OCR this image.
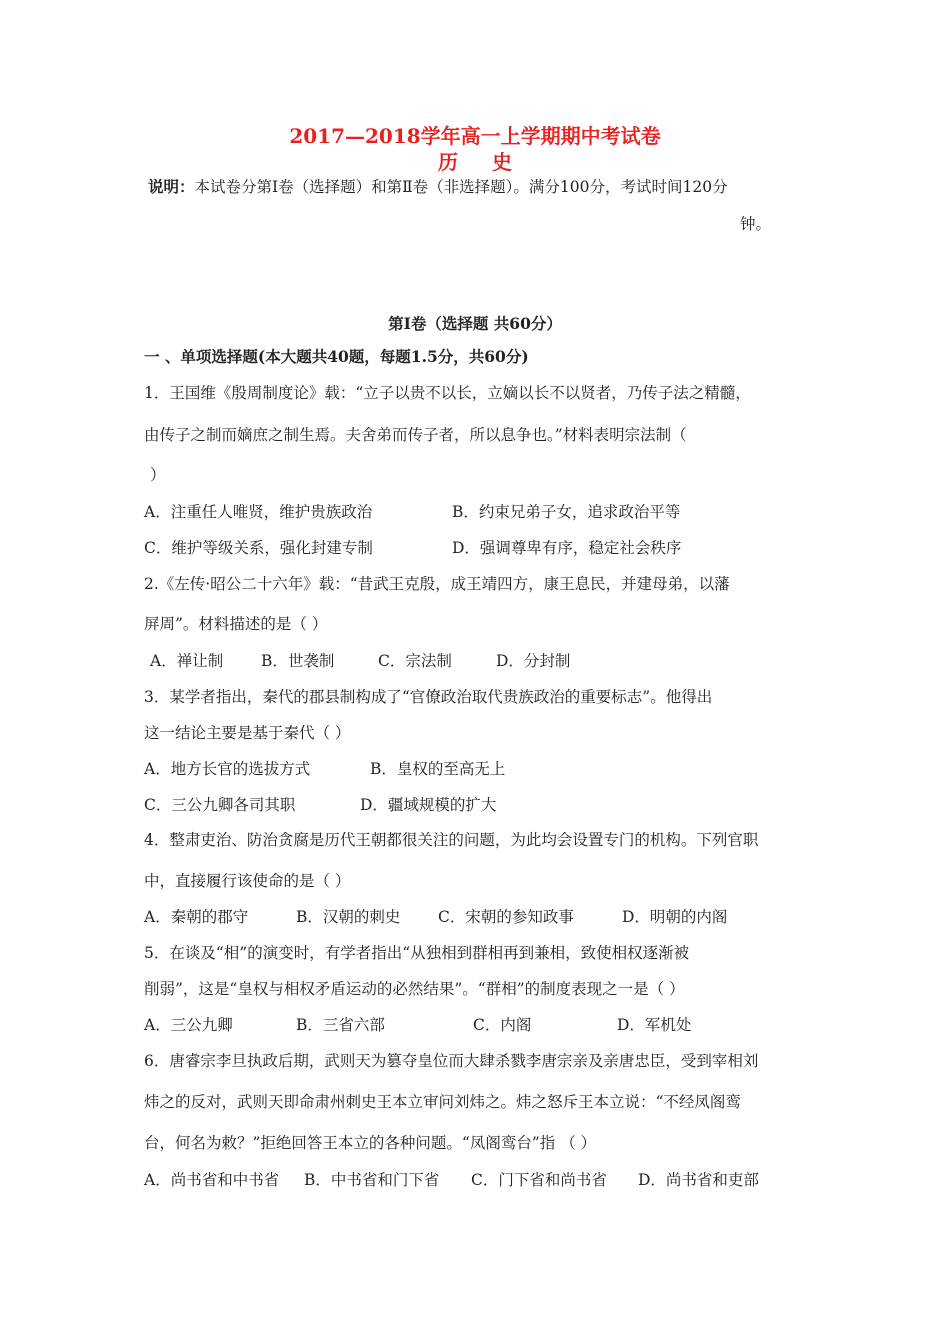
2017—2018学年高一上学期期中考试卷
历史
说明：本试卷分第Ⅰ卷（选择题）和第Ⅱ卷（非选择题）。满分100分，考试时间120分
钟。
第Ⅰ卷（选择题 共60分）
一 、单项选择题(本大题共40题，每题1.5分，共60分)
1．王国维《殷周制度论》载：“立子以贵不以长，立嫡以长不以贤者，乃传子法之精髓，
由传子之制而嫡庶之制生焉。夫舍弟而传子者，所以息争也。”材料表明宗法制（
）
A．注重任人唯贤，维护贵族政治	B．约束兄弟子女，追求政治平等
C．维护等级关系，强化封建专制	D．强调尊卑有序，稳定社会秩序
2.《左传·昭公二十六年》载：“昔武王克殷，成王靖四方，康王息民，并建母弟，以藩
屏周”。材料描述的是（ ）
A．禅让制 B．世袭制	C．宗法制	D．分封制
3．某学者指出，秦代的郡县制构成了“官僚政治取代贵族政治的重要标志”。他得出
这一结论主要是基于秦代（ ）
A．地方长官的选拔方式	B．皇权的至高无上
C．三公九卿各司其职	D．疆域规模的扩大
4．整肃吏治、防治贪腐是历代王朝都很关注的问题，为此均会设置专门的机构。下列官职
中，直接履行该使命的是（ ）
A．秦朝的郡守	B．汉朝的刺史 C．宋朝的参知政事	D．明朝的内阁
5．在谈及“相”的演变时，有学者指出“从独相到群相再到兼相，致使相权逐渐被
削弱”，这是“皇权与相权矛盾运动的必然结果”。“群相”的制度表现之一是（ ）
A．三公九卿	B．三省六部	C．内阁	D．军机处
6．唐睿宗李旦执政后期，武则天为篡夺皇位而大肆杀戮李唐宗亲及亲唐忠臣，受到宰相刘
炜之的反对，武则天即命肃州刺史王本立审问刘炜之。炜之怒斥王本立说：“不经凤阁鸾
台，何名为敕？”拒绝回答王本立的各种问题。“凤阁鸾台”指 （ ）
A．尚书省和中书省 B．中书省和门下省 C．门下省和尚书省 D．尚书省和吏部
